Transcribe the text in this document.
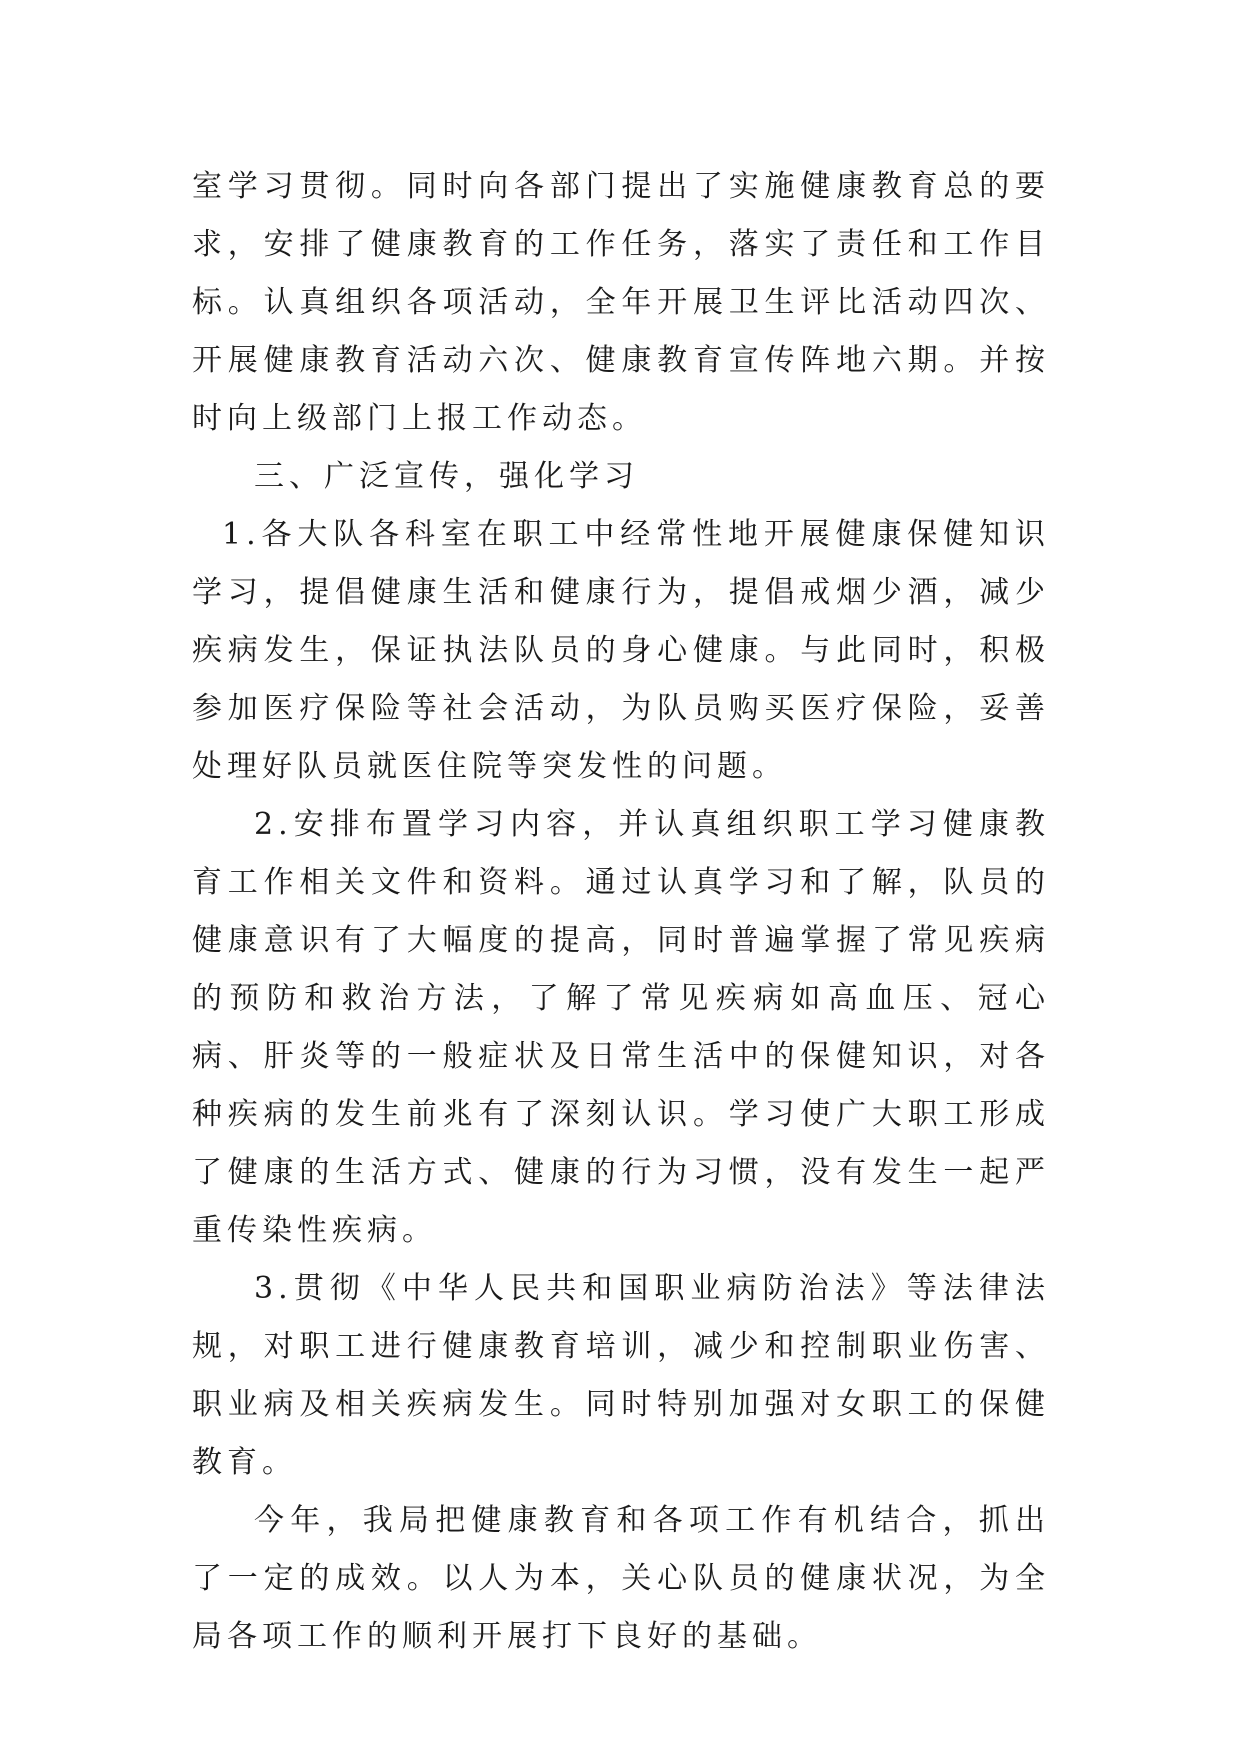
室学习贯彻。同时向各部门提出了实施健康教育总的要求，安排了健康教育的工作任务，落实了责任和工作目标。认真组织各项活动，全年开展卫生评比活动四次、开展健康教育活动六次、健康教育宣传阵地六期。并按时向上级部门上报工作动态。

三、广泛宣传，强化学习

1.各大队各科室在职工中经常性地开展健康保健知识学习，提倡健康生活和健康行为，提倡戒烟少酒，减少疾病发生，保证执法队员的身心健康。与此同时，积极参加医疗保险等社会活动，为队员购买医疗保险，妥善处理好队员就医住院等突发性的问题。

2.安排布置学习内容，并认真组织职工学习健康教育工作相关文件和资料。通过认真学习和了解，队员的健康意识有了大幅度的提高，同时普遍掌握了常见疾病的预防和救治方法，了解了常见疾病如高血压、冠心病、肝炎等的一般症状及日常生活中的保健知识，对各种疾病的发生前兆有了深刻认识。学习使广大职工形成了健康的生活方式、健康的行为习惯，没有发生一起严重传染性疾病。

3.贯彻《中华人民共和国职业病防治法》等法律法规，对职工进行健康教育培训，减少和控制职业伤害、职业病及相关疾病发生。同时特别加强对女职工的保健教育。

今年，我局把健康教育和各项工作有机结合，抓出了一定的成效。以人为本，关心队员的健康状况，为全局各项工作的顺利开展打下良好的基础。
